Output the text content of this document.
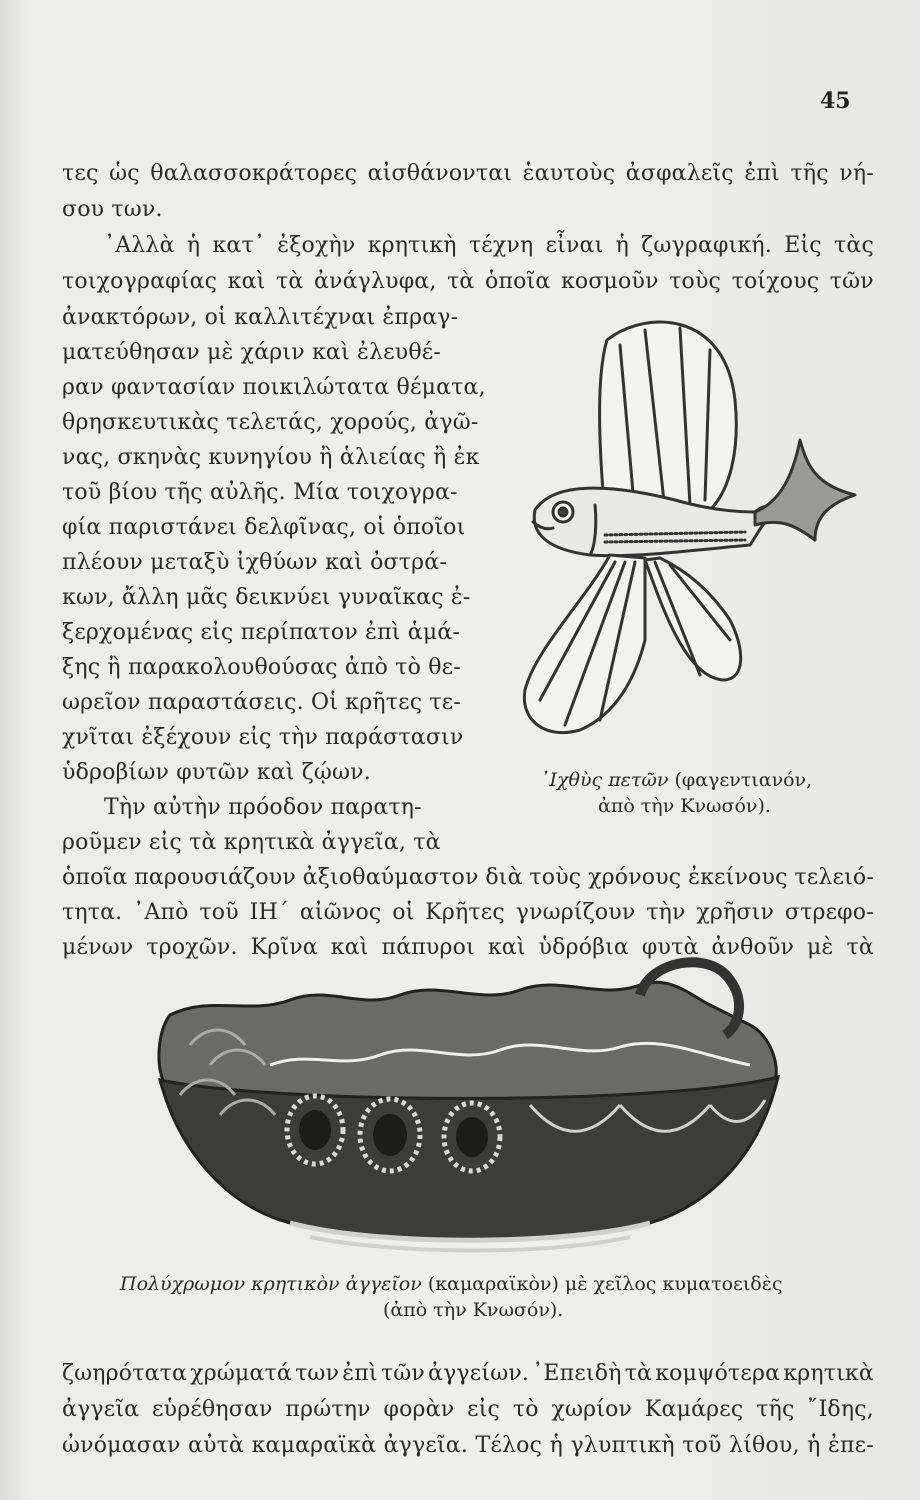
45
τες ὡς θαλασσοκράτορες αἰσθάνονται ἑαυτοὺς ἀσφαλεῖς ἐπὶ τῆς νή-
σου των.
᾿Αλλὰ ἡ κατ᾿ ἐξοχὴν κρητικὴ τέχνη εἶναι ἡ ζωγραφική. Εἰς τὰς
τοιχογραφίας καὶ τὰ ἀνάγλυφα, τὰ ὁποῖα κοσμοῦν τοὺς τοίχους τῶν
ἀνακτόρων, οἱ καλλιτέχναι ἐπραγ-
ματεύθησαν μὲ χάριν καὶ ἐλευθέ-
ραν φαντασίαν ποικιλώτατα θέματα,
θρησκευτικὰς τελετάς, χορούς, ἀγῶ-
νας, σκηνὰς κυνηγίου ἢ ἁλιείας ἢ ἐκ
τοῦ βίου τῆς αὐλῆς. Μία τοιχογρα-
φία παριστάνει δελφῖνας, οἱ ὁποῖοι
πλέουν μεταξὺ ἰχθύων καὶ ὀστρά-
κων, ἄλλη μᾶς δεικνύει γυναῖκας ἐ-
ξερχομένας εἰς περίπατον ἐπὶ ἁμά-
ξης ἢ παρακολουθούσας ἀπὸ τὸ θε-
ωρεῖον παραστάσεις. Οἱ κρῆτες τε-
χνῖται ἐξέχουν εἰς τὴν παράστασιν
ὑδροβίων φυτῶν καὶ ζῴων.
Τὴν αὐτὴν πρόοδον παρατη-
ροῦμεν εἰς τὰ κρητικὰ ἀγγεῖα, τὰ
ὁποῖα παρουσιάζουν ἀξιοθαύμαστον διὰ τοὺς χρόνους ἐκείνους τελειό-
τητα. ᾿Απὸ τοῦ ΙΗ΄ αἰῶνος οἱ Κρῆτες γνωρίζουν τὴν χρῆσιν στρεφο-
μένων τροχῶν. Κρῖνα καὶ πάπυροι καὶ ὑδρόβια φυτὰ ἀνθοῦν μὲ τὰ
᾿Ιχθὺς πετῶν (φαγεντιανόν,
ἀπὸ τὴν Κνωσόν).
Πολύχρωμον κρητικὸν ἀγγεῖον (καμαραϊκὸν) μὲ χεῖλος κυματοειδὲς
(ἀπὸ τὴν Κνωσόν).
ζωηρότατα χρώματά των ἐπὶ τῶν ἀγγείων. ᾿Επειδὴ τὰ κομψότερα κρητικὰ
ἀγγεῖα εὑρέθησαν πρώτην φορὰν εἰς τὸ χωρίον Καμάρες τῆς ῎Ιδης,
ὠνόμασαν αὐτὰ καμαραϊκὰ ἀγγεῖα. Τέλος ἡ γλυπτικὴ τοῦ λίθου, ἡ ἐπε-
